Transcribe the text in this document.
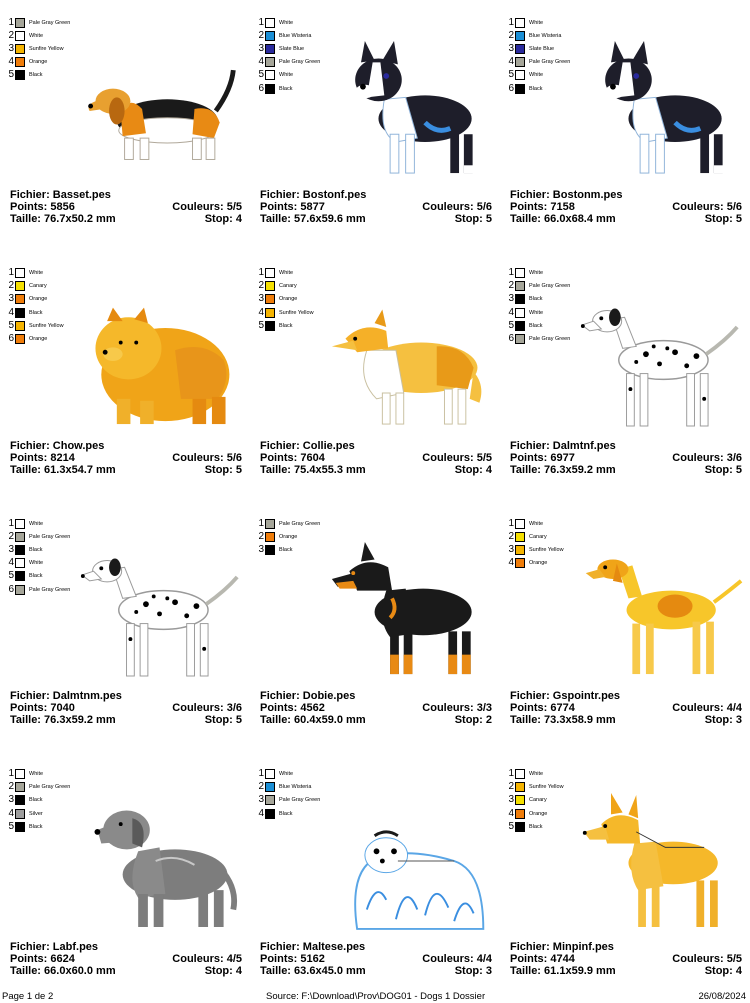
1	Pale Gray Green
2	White
3	Sunfire Yellow
4	Orange
5	Black
Fichier: Basset.pes
Points: 5856	Couleurs: 5/5
Taille: 76.7x50.2 mm	Stop: 4
1	White
2	Blue Wisteria
3	Slate Blue
4	Pale Gray Green
5	White
6	Black
Fichier: Bostonf.pes
Points: 5877	Couleurs: 5/6
Taille: 57.6x59.6 mm	Stop: 5
1	White
2	Blue Wisteria
3	Slate Blue
4	Pale Gray Green
5	White
6	Black
Fichier: Bostonm.pes
Points: 7158	Couleurs: 5/6
Taille: 66.0x68.4 mm	Stop: 5
1	White
2	Canary
3	Orange
4	Black
5	Sunfire Yellow
6	Orange
Fichier: Chow.pes
Points: 8214	Couleurs: 5/6
Taille: 61.3x54.7 mm	Stop: 5
1	White
2	Canary
3	Orange
4	Sunfire Yellow
5	Black
Fichier: Collie.pes
Points: 7604	Couleurs: 5/5
Taille: 75.4x55.3 mm	Stop: 4
1	White
2	Pale Gray Green
3	Black
4	White
5	Black
6	Pale Gray Green
Fichier: Dalmtnf.pes
Points: 6977	Couleurs: 3/6
Taille: 76.3x59.2 mm	Stop: 5
1	White
2	Pale Gray Green
3	Black
4	White
5	Black
6	Pale Gray Green
Fichier: Dalmtnm.pes
Points: 7040	Couleurs: 3/6
Taille: 76.3x59.2 mm	Stop: 5
1	Pale Gray Green
2	Orange
3	Black
Fichier: Dobie.pes
Points: 4562	Couleurs: 3/3
Taille: 60.4x59.0 mm	Stop: 2
1	White
2	Canary
3	Sunfire Yellow
4	Orange
Fichier: Gspointr.pes
Points: 6774	Couleurs: 4/4
Taille: 73.3x58.9 mm	Stop: 3
1	White
2	Pale Gray Green
3	Black
4	Silver
5	Black
Fichier: Labf.pes
Points: 6624	Couleurs: 4/5
Taille: 66.0x60.0 mm	Stop: 4
1	White
2	Blue Wisteria
3	Pale Gray Green
4	Black
Fichier: Maltese.pes
Points: 5162	Couleurs: 4/4
Taille: 63.6x45.0 mm	Stop: 3
1	White
2	Sunfire Yellow
3	Canary
4	Orange
5	Black
Fichier: Minpinf.pes
Points: 4744	Couleurs: 5/5
Taille: 61.1x59.9 mm	Stop: 4
Page 1 de 2	Source: F:\Download\Prov\DOG01 - Dogs 1 Dossier	26/08/2024
